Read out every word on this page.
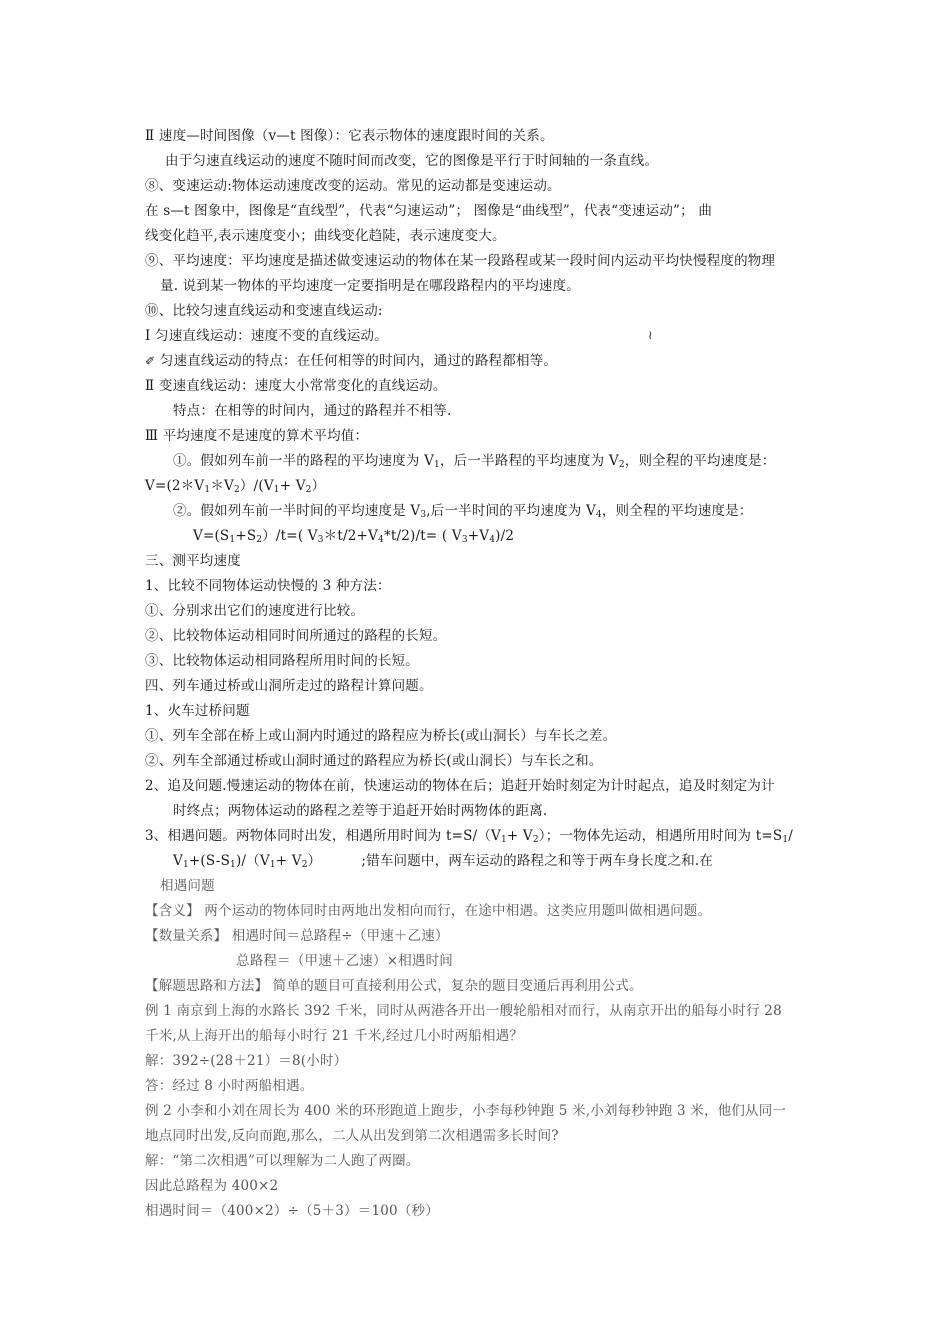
Ⅱ 速度—时间图像（v—t 图像）：它表示物体的速度跟时间的关系。
由于匀速直线运动的速度不随时间而改变，它的图像是平行于时间轴的一条直线。
⑧、变速运动:物体运动速度改变的运动。常见的运动都是变速运动。
在 s—t 图象中，图像是“直线型”，代表“匀速运动”； 图像是“曲线型”，代表“变速运动”； 曲
线变化趋平,表示速度变小；曲线变化趋陡，表示速度变大。
⑨、平均速度：平均速度是描述做变速运动的物体在某一段路程或某一段时间内运动平均快慢程度的物理
量. 说到某一物体的平均速度一定要指明是在哪段路程内的平均速度。
⑩、比较匀速直线运动和变速直线运动:
Ⅰ 匀速直线运动：速度不变的直线运动。	≀
✐ 匀速直线运动的特点：在任何相等的时间内，通过的路程都相等。
Ⅱ 变速直线运动：速度大小常常变化的直线运动。
特点：在相等的时间内，通过的路程并不相等.
Ⅲ 平均速度不是速度的算术平均值：
①。假如列车前一半的路程的平均速度为 $V_1$，后一半路程的平均速度为 $V_2$，则全程的平均速度是：
$V=(2*V_1*V_2)/(V_1+ V_2)$
②。假如列车前一半时间的平均速度是 $V_3$,后一半时间的平均速度为 $V_4$，则全程的平均速度是：
$V=(S_1+S_2)/t=$( $V_3*t/2+V_4*t/2)/t=$ ( $V_3+V_4)/2$
三、测平均速度
1、比较不同物体运动快慢的 3 种方法：
①、分别求出它们的速度进行比较。
②、比较物体运动相同时间所通过的路程的长短。
③、比较物体运动相同路程所用时间的长短。
四、列车通过桥或山洞所走过的路程计算问题。
1、火车过桥问题
①、列车全部在桥上或山洞内时通过的路程应为桥长(或山洞长）与车长之差。
②、列车全部通过桥或山洞时通过的路程应为桥长(或山洞长）与车长之和。
2、追及问题.慢速运动的物体在前，快速运动的物体在后；追赶开始时刻定为计时起点，追及时刻定为计
时终点；两物体运动的路程之差等于追赶开始时两物体的距离.
3、相遇问题。两物体同时出发，相遇所用时间为 $t=S/(V_1+ V_2)$；一物体先运动，相遇所用时间为 $t=S_1/$
$V_1+(S-S_1)/(V_1+ V_2)$	;错车问题中，两车运动的路程之和等于两车身长度之和.在
相遇问题
【含义】 两个运动的物体同时由两地出发相向而行，在途中相遇。这类应用题叫做相遇问题。
【数量关系】 相遇时间＝总路程÷（甲速＋乙速）
总路程＝（甲速＋乙速）×相遇时间
【解题思路和方法】 简单的题目可直接利用公式，复杂的题目变通后再利用公式。
例 1 南京到上海的水路长 392 千米，同时从两港各开出一艘轮船相对而行，从南京开出的船每小时行 28
千米,从上海开出的船每小时行 21 千米,经过几小时两船相遇？
解：392÷(28＋21）＝8(小时）
答：经过 8 小时两船相遇。
例 2 小李和小刘在周长为 400 米的环形跑道上跑步，小李每秒钟跑 5 米,小刘每秒钟跑 3 米，他们从同一
地点同时出发,反向而跑,那么，二人从出发到第二次相遇需多长时间?
解：“第二次相遇”可以理解为二人跑了两圈。
因此总路程为 400×2
相遇时间＝（400×2）÷（5＋3）＝100（秒）
